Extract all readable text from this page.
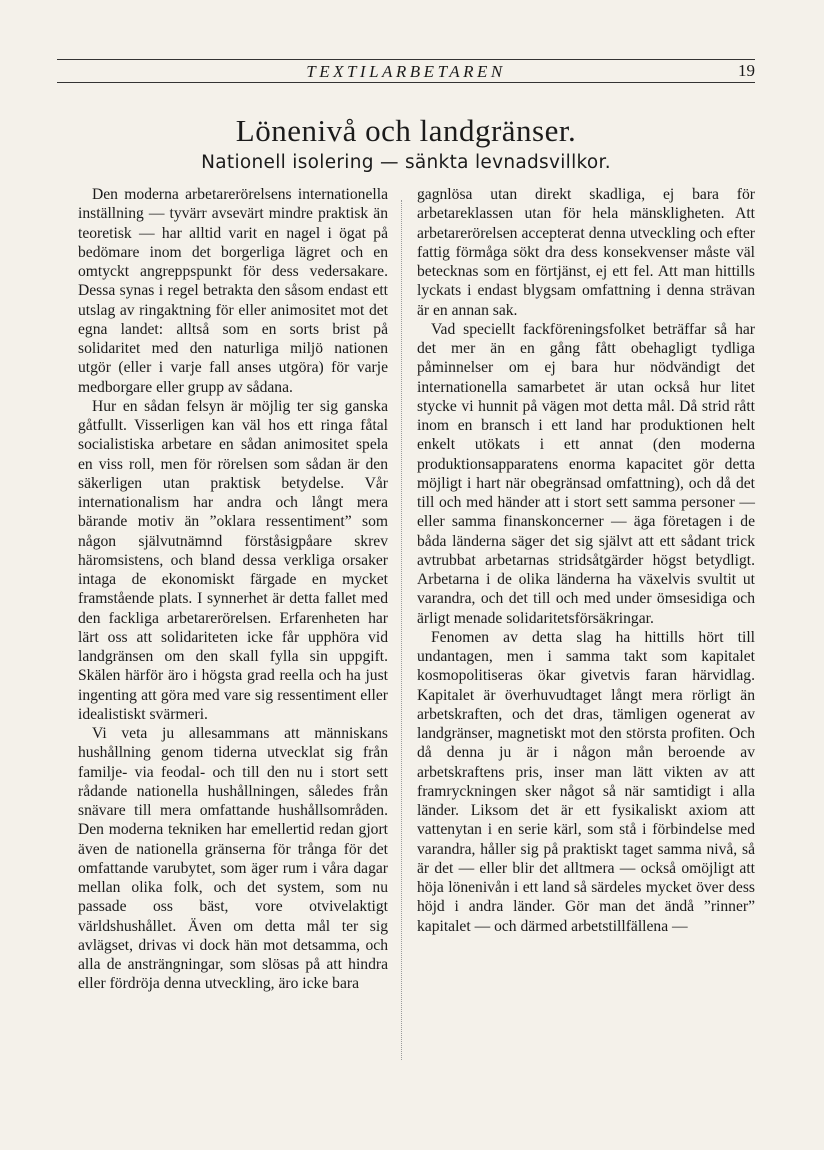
TEXTILARBETAREN	19
Lönenivå och landgränser.
Nationell isolering — sänkta levnadsvillkor.

Den moderna arbetarerörelsens internationella inställning — tyvärr avsevärt mindre praktisk än teoretisk — har alltid varit en nagel i ögat på bedömare inom det borgerliga lägret och en omtyckt angreppspunkt för dess vedersakare. Dessa synas i regel betrakta den såsom endast ett utslag av ringaktning för eller animositet mot det egna landet: alltså som en sorts brist på solidaritet med den naturliga miljö nationen utgör (eller i varje fall anses utgöra) för varje medborgare eller grupp av sådana.

Hur en sådan felsyn är möjlig ter sig ganska gåtfullt. Visserligen kan väl hos ett ringa fåtal socialistiska arbetare en sådan animositet spela en viss roll, men för rörelsen som sådan är den säkerligen utan praktisk betydelse. Vår internationalism har andra och långt mera bärande motiv än ”oklara ressentiment” som någon självutnämnd förståsigpåare skrev häromsistens, och bland dessa verkliga orsaker intaga de ekonomiskt färgade en mycket framstående plats. I synnerhet är detta fallet med den fackliga arbetarerörelsen. Erfarenheten har lärt oss att solidariteten icke får upphöra vid landgränsen om den skall fylla sin uppgift. Skälen härför äro i högsta grad reella och ha just ingenting att göra med vare sig ressentiment eller idealistiskt svärmeri.

Vi veta ju allesammans att människans hushållning genom tiderna utvecklat sig från familje- via feodal- och till den nu i stort sett rådande nationella hushållningen, således från snävare till mera omfattande hushållsområden. Den moderna tekniken har emellertid redan gjort även de nationella gränserna för trånga för det omfattande varubytet, som äger rum i våra dagar mellan olika folk, och det system, som nu passade oss bäst, vore otvivelaktigt världshushållet. Även om detta mål ter sig avlägset, drivas vi dock hän mot detsamma, och alla de ansträngningar, som slösas på att hindra eller fördröja denna utveckling, äro icke bara

gagnlösa utan direkt skadliga, ej bara för arbetareklassen utan för hela mänskligheten. Att arbetarerörelsen accepterat denna utveckling och efter fattig förmåga sökt dra dess konsekvenser måste väl betecknas som en förtjänst, ej ett fel. Att man hittills lyckats i endast blygsam omfattning i denna strävan är en annan sak.

Vad speciellt fackföreningsfolket beträffar så har det mer än en gång fått obehagligt tydliga påminnelser om ej bara hur nödvändigt det internationella samarbetet är utan också hur litet stycke vi hunnit på vägen mot detta mål. Då strid rått inom en bransch i ett land har produktionen helt enkelt utökats i ett annat (den moderna produktionsapparatens enorma kapacitet gör detta möjligt i hart när obegränsad omfattning), och då det till och med händer att i stort sett samma personer — eller samma finanskoncerner — äga företagen i de båda länderna säger det sig självt att ett sådant trick avtrubbat arbetarnas stridsåtgärder högst betydligt. Arbetarna i de olika länderna ha växelvis svultit ut varandra, och det till och med under ömsesidiga och ärligt menade solidaritetsförsäkringar.

Fenomen av detta slag ha hittills hört till undantagen, men i samma takt som kapitalet kosmopolitiseras ökar givetvis faran härvidlag. Kapitalet är överhuvudtaget långt mera rörligt än arbetskraften, och det dras, tämligen ogenerat av landgränser, magnetiskt mot den största profiten. Och då denna ju är i någon mån beroende av arbetskraftens pris, inser man lätt vikten av att framryckningen sker något så när samtidigt i alla länder. Liksom det är ett fysikaliskt axiom att vattenytan i en serie kärl, som stå i förbindelse med varandra, håller sig på praktiskt taget samma nivå, så är det — eller blir det alltmera — också omöjligt att höja lönenivån i ett land så särdeles mycket över dess höjd i andra länder. Gör man det ändå ”rinner” kapitalet — och därmed arbetstillfällena —
